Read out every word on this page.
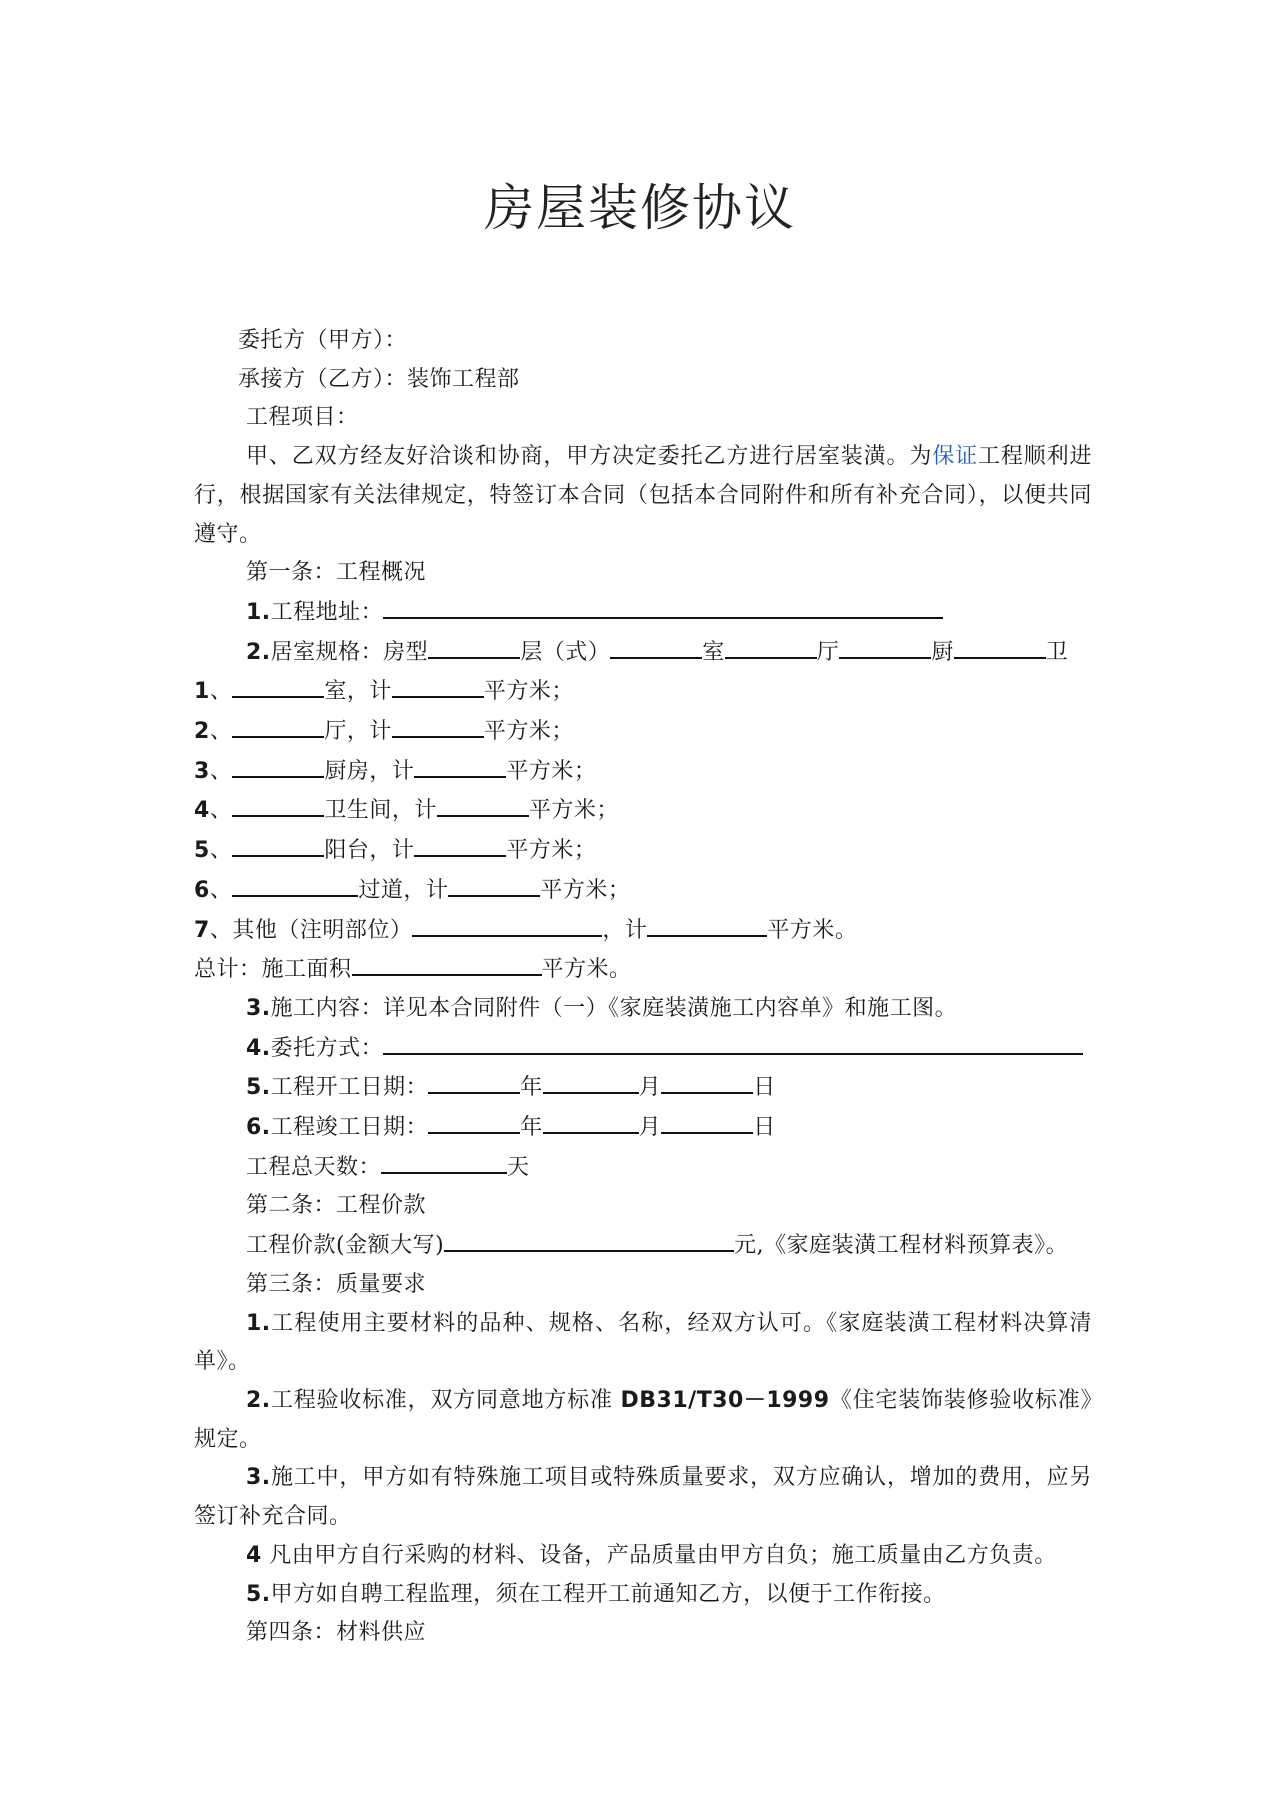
房屋装修协议

委托方（甲方）：

承接方（乙方）：装饰工程部

工程项目：

甲、乙双方经友好洽谈和协商，甲方决定委托乙方进行居室装潢。为保证工程顺利进行，根据国家有关法律规定，特签订本合同（包括本合同附件和所有补充合同），以便共同遵守。

第一条：工程概况

1.工程地址：

2.居室规格：房型	层（式）	室	厅	厨	卫

1、	室，计	平方米；

2、	厅，计	平方米；

3、	厨房，计	平方米；

4、	卫生间，计	平方米；

5、	阳台，计	平方米；

6、	过道，计	平方米；

7、其他（注明部位）	，计	平方米。

总计：施工面积	平方米。

3.施工内容：详见本合同附件（一）《家庭装潢施工内容单》和施工图。

4.委托方式：

5.工程开工日期：	年	月	日

6.工程竣工日期：	年	月	日

工程总天数：	天

第二条：工程价款

工程价款(金额大写)	元,《家庭装潢工程材料预算表》。

第三条：质量要求

1.工程使用主要材料的品种、规格、名称，经双方认可。《家庭装潢工程材料决算清单》。

2.工程验收标准，双方同意地方标准 DB31/T30－1999《住宅装饰装修验收标准》规定。

3.施工中，甲方如有特殊施工项目或特殊质量要求，双方应确认，增加的费用，应另签订补充合同。

4 凡由甲方自行采购的材料、设备，产品质量由甲方自负；施工质量由乙方负责。

5.甲方如自聘工程监理，须在工程开工前通知乙方，以便于工作衔接。

第四条：材料供应
